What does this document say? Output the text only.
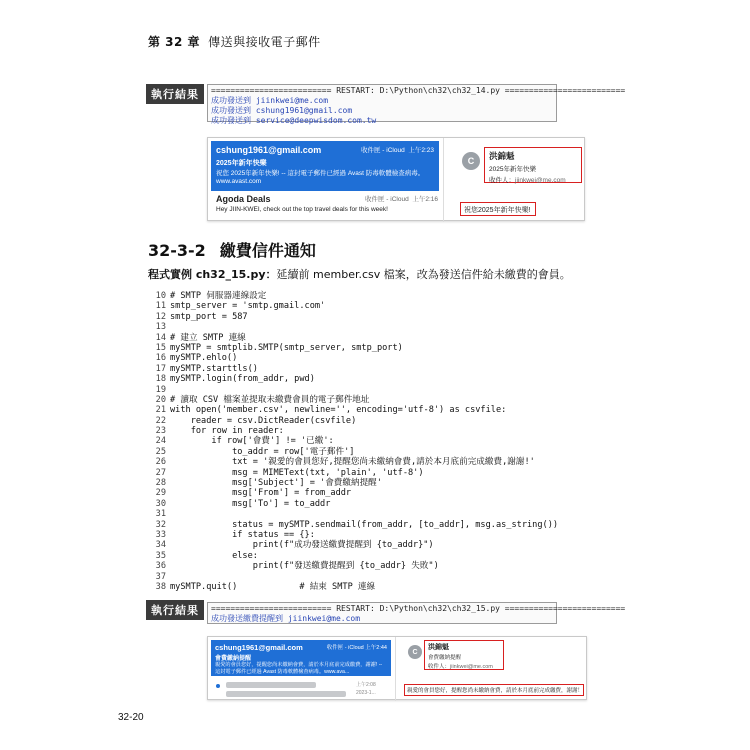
第 32 章 傳送與接收電子郵件
執行結果	========================= RESTART: D:\Python\ch32\ch32_14.py =========================
成功發送到 jiinkwei@me.com
成功發送到 cshung1961@gmail.com
成功發送到 service@deepwisdom.com.tw
cshung1961@gmail.com	收件匣 - iCloud 上午2:23
2025年新年快樂
祝您 2025年新年快樂! -- 這封電子郵件已經過 Avast 防毒軟體檢查病毒。 www.avast.com
Agoda Deals	收件匣 - iCloud 上午2:16
Hey JIIN-KWEI, check out the top travel deals for this week!
C	洪錦魁
2025年新年快樂
收件人：jiinkwei@me.com
祝您2025年新年快樂!
32-3-2 繳費信件通知
程式實例 ch32_15.py：延續前 member.csv 檔案，改為發送信件給未繳費的會員。
10 # SMTP 伺服器連線設定
11 smtp_server = 'smtp.gmail.com'
12 smtp_port = 587
13
14 # 建立 SMTP 連線
15 mySMTP = smtplib.SMTP(smtp_server, smtp_port)
16 mySMTP.ehlo()
17 mySMTP.starttls()
18 mySMTP.login(from_addr, pwd)
19
20 # 讀取 CSV 檔案並提取未繳費會員的電子郵件地址
21 with open('member.csv', newline='', encoding='utf-8') as csvfile:
22 reader = csv.DictReader(csvfile)
23 for row in reader:
24 if row['會費'] != '已繳':
25 to_addr = row['電子郵件']
26 txt = '親愛的會員您好,提醒您尚未繳納會費,請於本月底前完成繳費,謝謝!'
27 msg = MIMEText(txt, 'plain', 'utf-8')
28 msg['Subject'] = '會費繳納提醒'
29 msg['From'] = from_addr
30 msg['To'] = to_addr
31
32 status = mySMTP.sendmail(from_addr, [to_addr], msg.as_string())
33 if status == {}:
34 print(f"成功發送繳費提醒到 {to_addr}")
35 else:
36 print(f"發送繳費提醒到 {to_addr} 失敗")
37
38 mySMTP.quit()            # 結束 SMTP 連線
執行結果	========================= RESTART: D:\Python\ch32\ch32_15.py =========================
成功發送繳費提醒到 jiinkwei@me.com
cshung1961@gmail.com	收件匣 - iCloud 上午2:44
會費繳納提醒
親愛的會員您好，提醒您尚未繳納會費，請於本月底前完成繳費，謝謝! -- 這封電子郵件已經過 Avast 防毒軟體檢查病毒。www.ava...
上午2:08
2023-1...
C
洪錦魁
會費繳納提醒
收件人：jiinkwei@me.com
親愛的會員您好，提醒您尚未繳納會費，請於本月底前完成繳費，謝謝！
32-20
